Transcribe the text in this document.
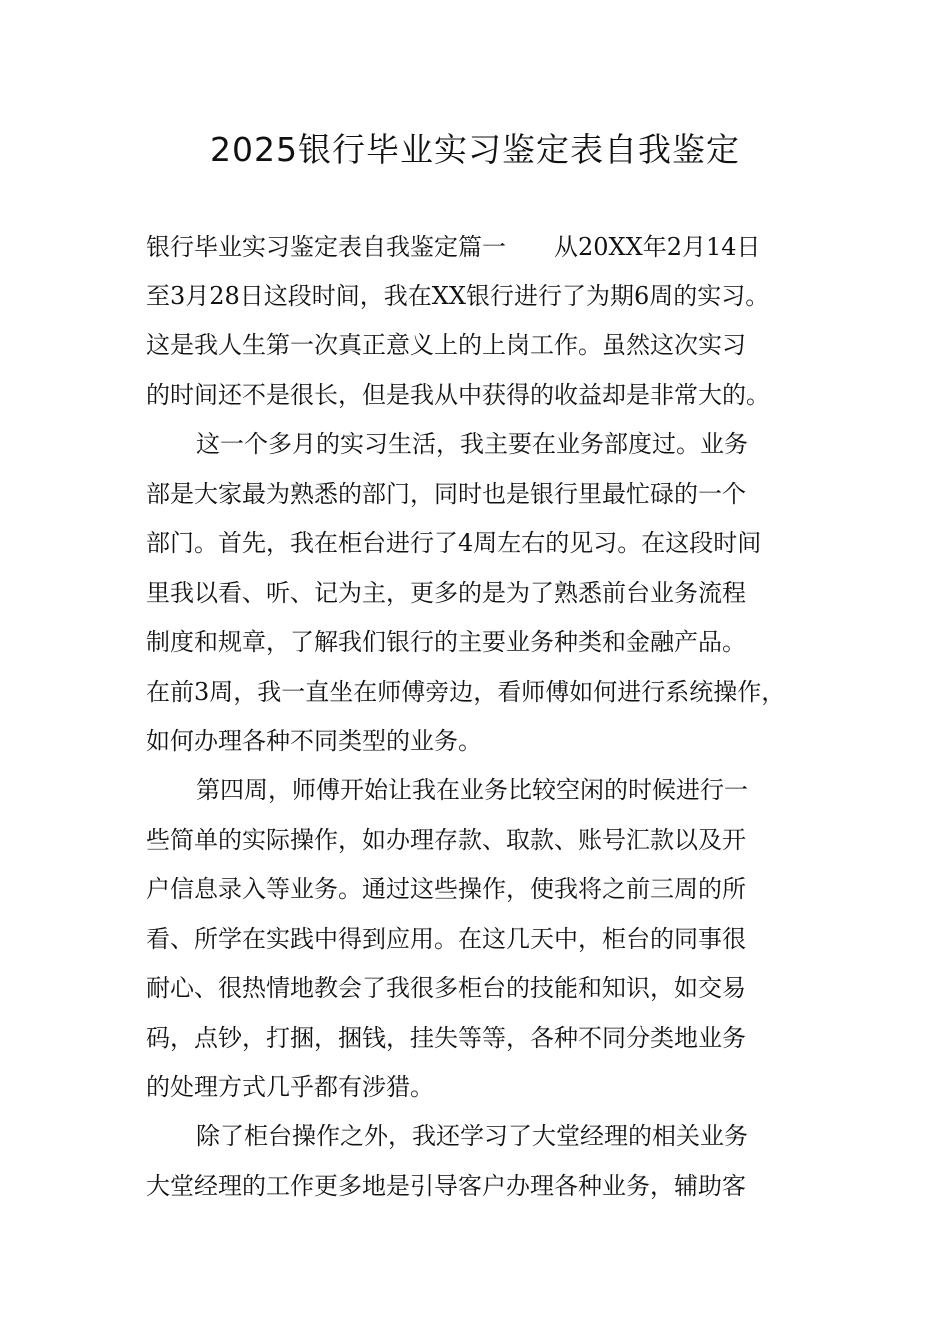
2025银行毕业实习鉴定表自我鉴定
银行毕业实习鉴定表自我鉴定篇一　　从20XX年2月14日
至3月28日这段时间，我在XX银行进行了为期6周的实习。
这是我人生第一次真正意义上的上岗工作。虽然这次实习
的时间还不是很长，但是我从中获得的收益却是非常大的。
这一个多月的实习生活，我主要在业务部度过。业务
部是大家最为熟悉的部门，同时也是银行里最忙碌的一个
部门。首先，我在柜台进行了4周左右的见习。在这段时间
里我以看、听、记为主，更多的是为了熟悉前台业务流程
制度和规章，了解我们银行的主要业务种类和金融产品。
在前3周，我一直坐在师傅旁边，看师傅如何进行系统操作，
如何办理各种不同类型的业务。
第四周，师傅开始让我在业务比较空闲的时候进行一
些简单的实际操作，如办理存款、取款、账号汇款以及开
户信息录入等业务。通过这些操作，使我将之前三周的所
看、所学在实践中得到应用。在这几天中，柜台的同事很
耐心、很热情地教会了我很多柜台的技能和知识，如交易
码，点钞，打捆，捆钱，挂失等等，各种不同分类地业务
的处理方式几乎都有涉猎。
除了柜台操作之外，我还学习了大堂经理的相关业务
大堂经理的工作更多地是引导客户办理各种业务，辅助客
